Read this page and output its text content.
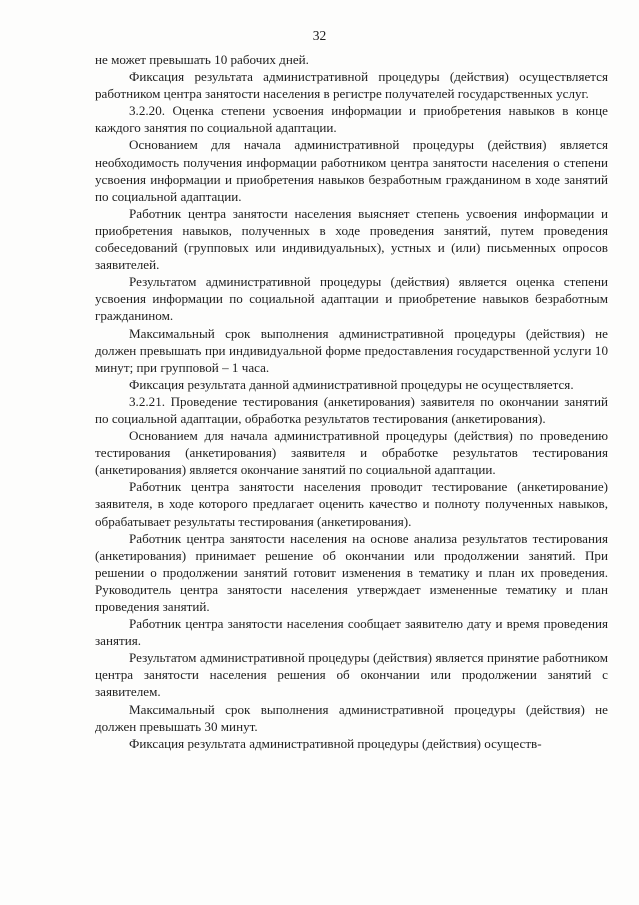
32

не может превышать 10 рабочих дней.

Фиксация результата административной процедуры (действия) осуществляется работником центра занятости населения в регистре получателей государственных услуг.

3.2.20. Оценка степени усвоения информации и приобретения навыков в конце каждого занятия по социальной адаптации.

Основанием для начала административной процедуры (действия) является необходимость получения информации работником центра занятости населения о степени усвоения информации и приобретения навыков безработным гражданином в ходе занятий по социальной адаптации.

Работник центра занятости населения выясняет степень усвоения информации и приобретения навыков, полученных в ходе проведения занятий, путем проведения собеседований (групповых или индивидуальных), устных и (или) письменных опросов заявителей.

Результатом административной процедуры (действия) является оценка степени усвоения информации по социальной адаптации и приобретение навыков безработным гражданином.

Максимальный срок выполнения административной процедуры (действия) не должен превышать при индивидуальной форме предоставления государственной услуги 10 минут; при групповой – 1 часа.

Фиксация результата данной административной процедуры не осуществляется.

3.2.21. Проведение тестирования (анкетирования) заявителя по окончании занятий по социальной адаптации, обработка результатов тестирования (анкетирования).

Основанием для начала административной процедуры (действия) по проведению тестирования (анкетирования) заявителя и обработке результатов тестирования (анкетирования) является окончание занятий по социальной адаптации.

Работник центра занятости населения проводит тестирование (анкетирование) заявителя, в ходе которого предлагает оценить качество и полноту полученных навыков, обрабатывает результаты тестирования (анкетирования).

Работник центра занятости населения на основе анализа результатов тестирования (анкетирования) принимает решение об окончании или продолжении занятий. При решении о продолжении занятий готовит изменения в тематику и план их проведения. Руководитель центра занятости населения утверждает измененные тематику и план проведения занятий.

Работник центра занятости населения сообщает заявителю дату и время проведения занятия.

Результатом административной процедуры (действия) является принятие работником центра занятости населения решения об окончании или продолжении занятий с заявителем.

Максимальный срок выполнения административной процедуры (действия) не должен превышать 30 минут.

Фиксация результата административной процедуры (действия) осуществ-
